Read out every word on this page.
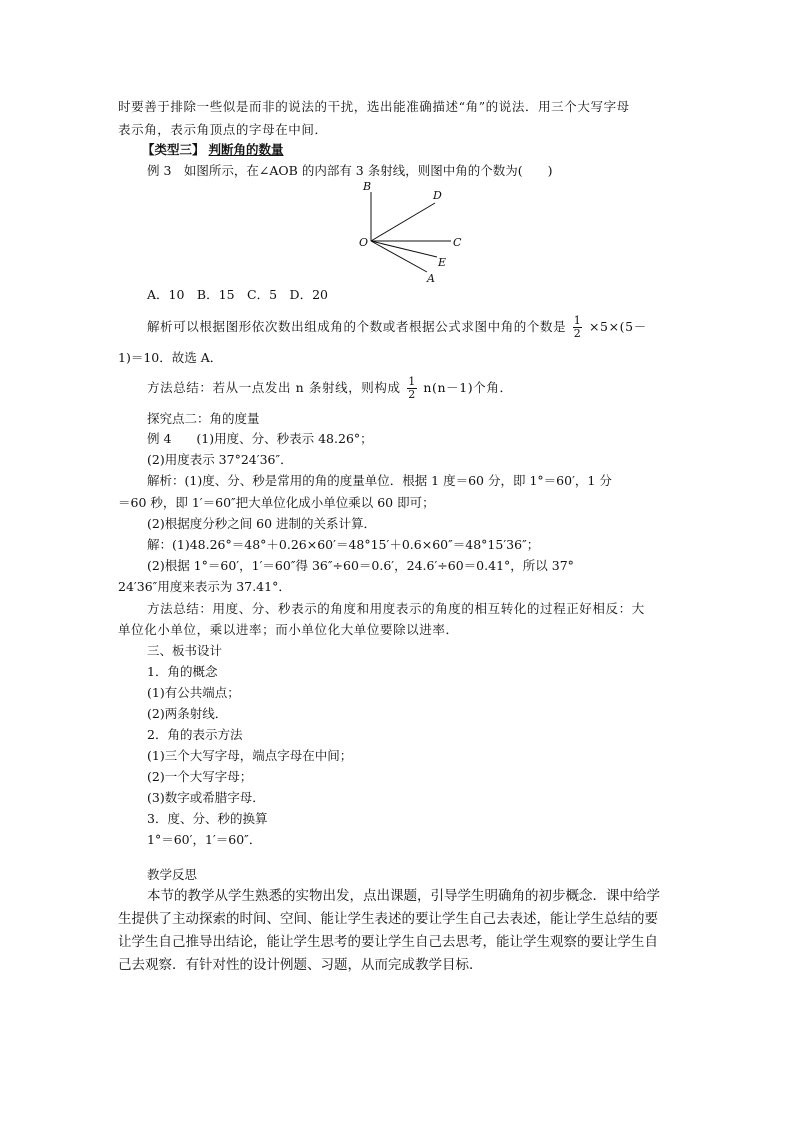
时要善于排除一些似是而非的说法的干扰，选出能准确描述“角”的说法．用三个大写字母
表示角，表示角顶点的字母在中间．
【类型三】 判断角的数量
例 3　如图所示，在∠AOB 的内部有 3 条射线，则图中角的个数为(　　)
B
D
O	C
E
A
A．10　B．15　C．5　D．20
解析可以根据图形依次数出组成角的个数或者根据公式求图中角的个数是 $\frac{1}{2} \times 5\times(5-$
1)＝10．故选 A．
方法总结：若从一点发出 n 条射线，则构成 $\frac{1}{2} n(n-1)$个角．
探究点二：角的度量
例 4　　(1)用度、分、秒表示 48.26°；
(2)用度表示 37°24′36″．
解析：(1)度、分、秒是常用的角的度量单位．根据 1 度＝60 分，即 1°＝60′，1 分
＝60 秒，即 1′＝60″把大单位化成小单位乘以 60 即可；
(2)根据度分秒之间 60 进制的关系计算．
解：(1)48.26°＝48°＋0.26×60′＝48°15′＋0.6×60″＝48°15′36″；
(2)根据 1°＝60′，1′＝60″得 36″÷60＝0.6′，24.6′÷60＝0.41°，所以 37°
24′36″用度来表示为 37.41°．
方法总结：用度、分、秒表示的角度和用度表示的角度的相互转化的过程正好相反：大
单位化小单位，乘以进率；而小单位化大单位要除以进率．
三、板书设计
1．角的概念
(1)有公共端点；
(2)两条射线．
2．角的表示方法
(1)三个大写字母，端点字母在中间；
(2)一个大写字母；
(3)数字或希腊字母．
3．度、分、秒的换算
1°＝60′，1′＝60″．
教学反思
本节的教学从学生熟悉的实物出发，点出课题，引导学生明确角的初步概念．课中给学
生提供了主动探索的时间、空间、能让学生表述的要让学生自己去表述，能让学生总结的要
让学生自己推导出结论，能让学生思考的要让学生自己去思考，能让学生观察的要让学生自
己去观察．有针对性的设计例题、习题，从而完成教学目标．
